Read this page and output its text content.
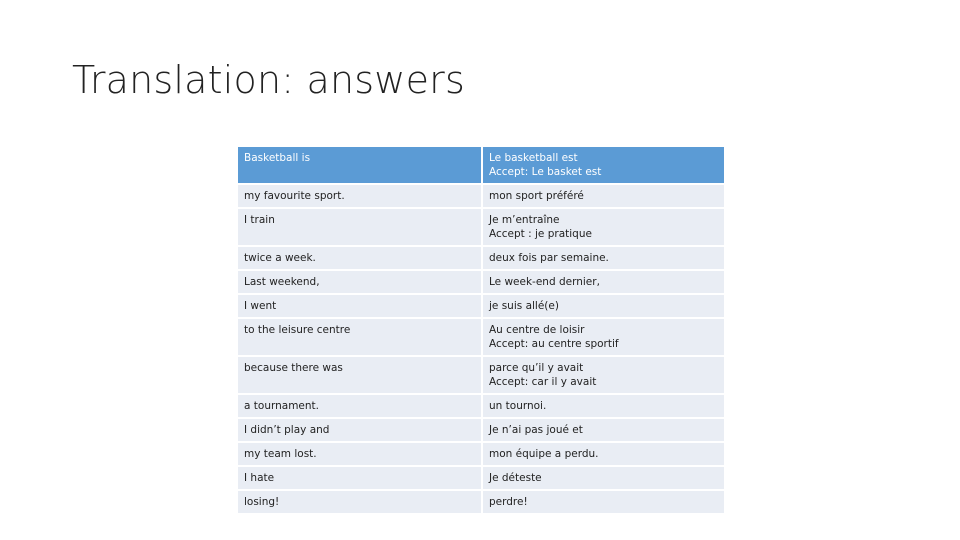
Translation: answers
Basketball is	Le basketball est
Accept: Le basket est
my favourite sport.	mon sport préféré
I train	Je m’entraîne
Accept : je pratique
twice a week.	deux fois par semaine.
Last weekend,	Le week-end dernier,
I went	je suis allé(e)
to the leisure centre	Au centre de loisir
Accept: au centre sportif
because there was	parce qu’il y avait
Accept: car il y avait
a tournament.	un tournoi.
I didn’t play and	Je n’ai pas joué et
my team lost.	mon équipe a perdu.
I hate	Je déteste
losing!	perdre!
